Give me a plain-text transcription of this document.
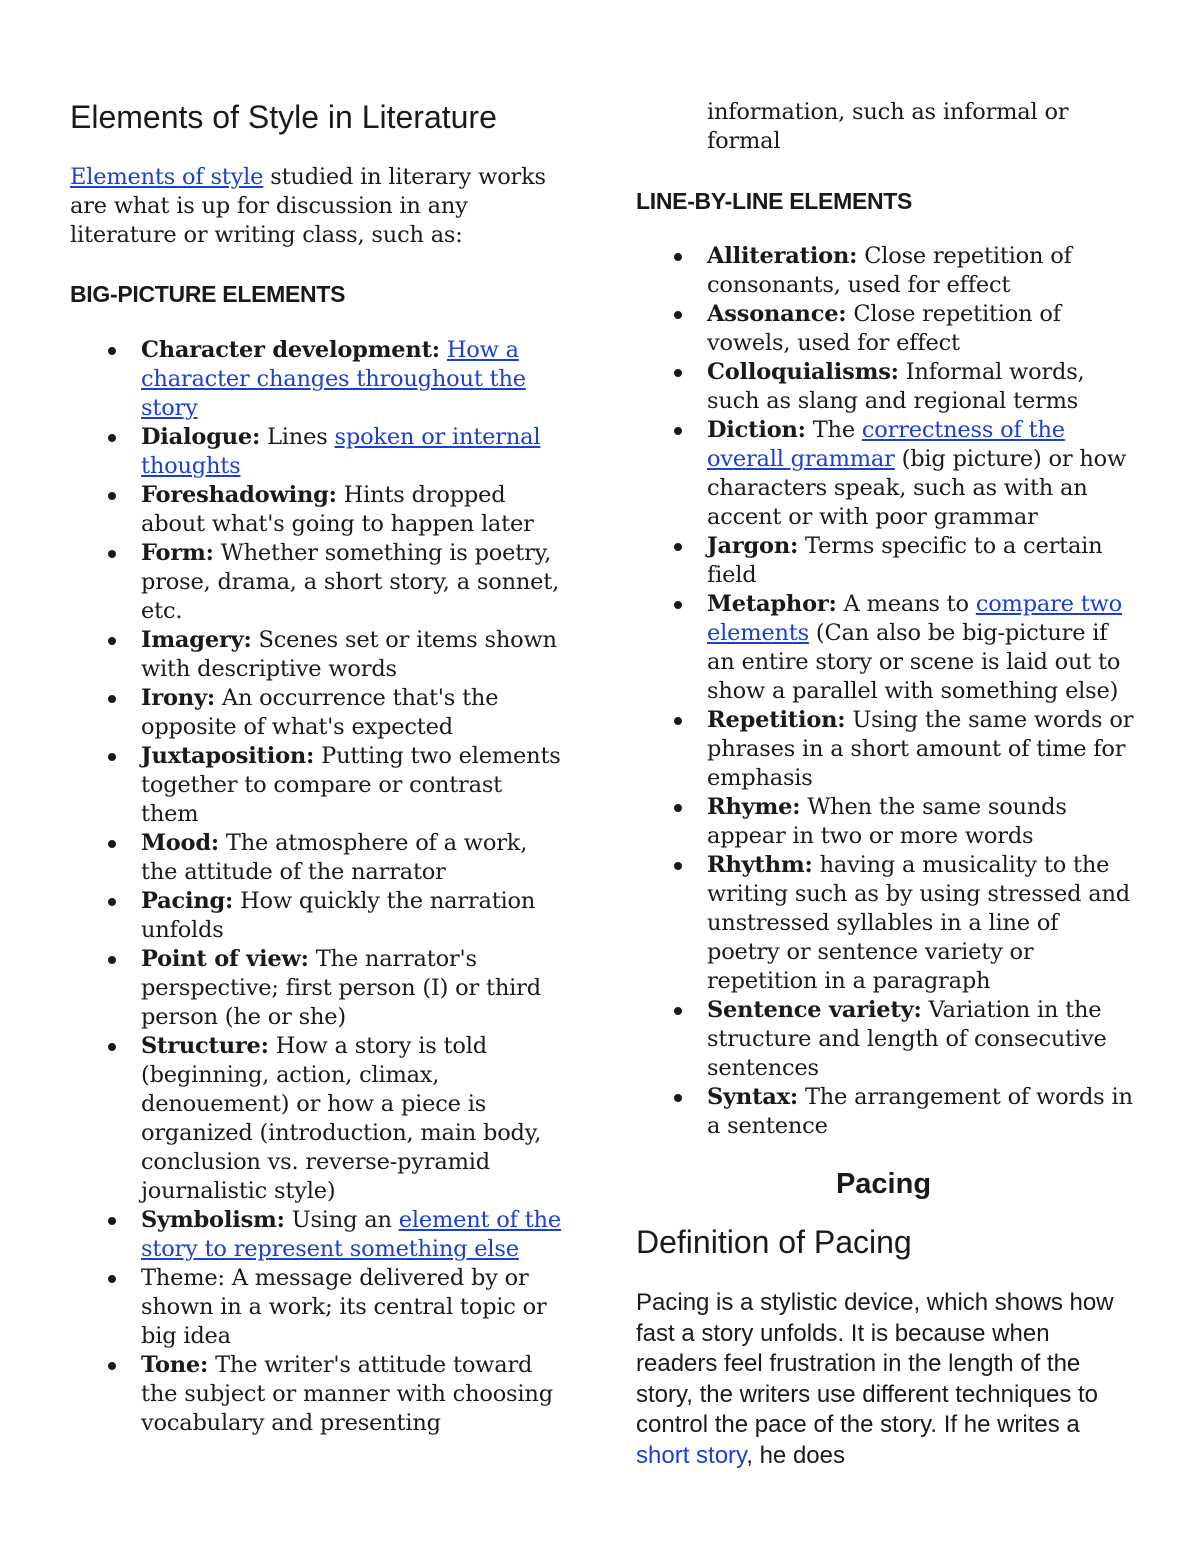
Elements of Style in Literature

Elements of style studied in literary works are what is up for discussion in any literature or writing class, such as:

BIG-PICTURE ELEMENTS
Character development: How a character changes throughout the story
Dialogue: Lines spoken or internal thoughts
Foreshadowing: Hints dropped about what's going to happen later
Form: Whether something is poetry, prose, drama, a short story, a sonnet, etc.
Imagery: Scenes set or items shown with descriptive words
Irony: An occurrence that's the opposite of what's expected
Juxtaposition: Putting two elements together to compare or contrast them
Mood: The atmosphere of a work, the attitude of the narrator
Pacing: How quickly the narration unfolds
Point of view: The narrator's perspective; first person (I) or third person (he or she)
Structure: How a story is told (beginning, action, climax, denouement) or how a piece is organized (introduction, main body, conclusion vs. reverse-pyramid journalistic style)
Symbolism: Using an element of the story to represent something else
Theme: A message delivered by or shown in a work; its central topic or big idea
Tone: The writer's attitude toward the subject or manner with choosing vocabulary and presenting

information, such as informal or formal

LINE-BY-LINE ELEMENTS
Alliteration: Close repetition of consonants, used for effect
Assonance: Close repetition of vowels, used for effect
Colloquialisms: Informal words, such as slang and regional terms
Diction: The correctness of the overall grammar (big picture) or how characters speak, such as with an accent or with poor grammar
Jargon: Terms specific to a certain field
Metaphor: A means to compare two elements (Can also be big-picture if an entire story or scene is laid out to show a parallel with something else)
Repetition: Using the same words or phrases in a short amount of time for emphasis
Rhyme: When the same sounds appear in two or more words
Rhythm: having a musicality to the writing such as by using stressed and unstressed syllables in a line of poetry or sentence variety or repetition in a paragraph
Sentence variety: Variation in the structure and length of consecutive sentences
Syntax: The arrangement of words in a sentence
Pacing
Definition of Pacing

Pacing is a stylistic device, which shows how fast a story unfolds. It is because when readers feel frustration in the length of the story, the writers use different techniques to control the pace of the story. If he writes a short story, he does
